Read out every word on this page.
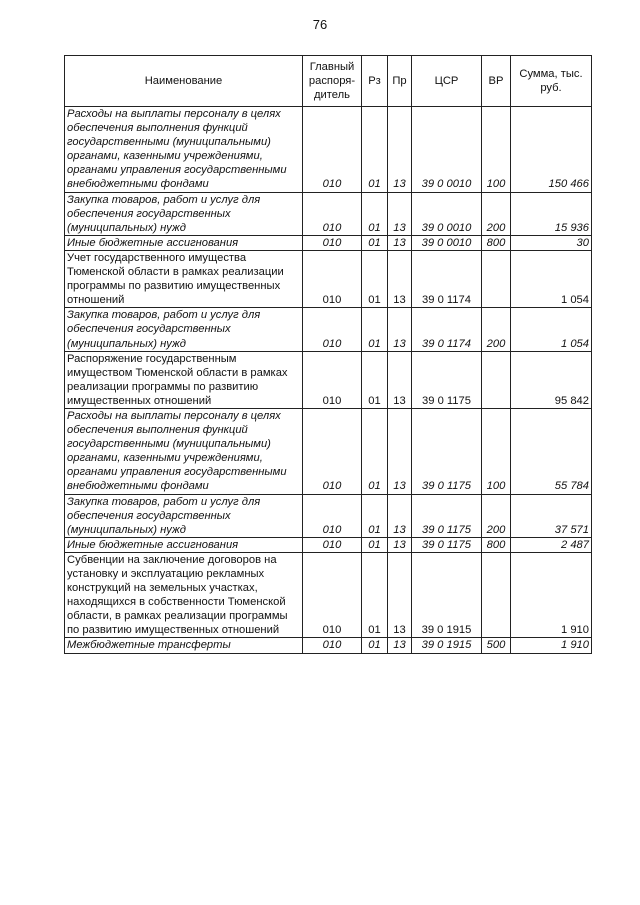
76
Наименование	Главный распоря-дитель	Рз	Пр	ЦСР	ВР	Сумма, тыс. руб.
Расходы на выплаты персоналу в целях обеспечения выполнения функций государственными (муниципальными) органами, казенными учреждениями, органами управления государственными внебюджетными фондами	010	01	13	39 0 0010	100	150 466
Закупка товаров, работ и услуг для обеспечения государственных (муниципальных) нужд	010	01	13	39 0 0010	200	15 936
Иные бюджетные ассигнования	010	01	13	39 0 0010	800	30
Учет государственного имущества Тюменской области в рамках реализации программы по развитию имущественных отношений	010	01	13	39 0 1174		1 054
Закупка товаров, работ и услуг для обеспечения государственных (муниципальных) нужд	010	01	13	39 0 1174	200	1 054
Распоряжение государственным имуществом Тюменской области в рамках реализации программы по развитию имущественных отношений	010	01	13	39 0 1175		95 842
Расходы на выплаты персоналу в целях обеспечения выполнения функций государственными (муниципальными) органами, казенными учреждениями, органами управления государственными внебюджетными фондами	010	01	13	39 0 1175	100	55 784
Закупка товаров, работ и услуг для обеспечения государственных (муниципальных) нужд	010	01	13	39 0 1175	200	37 571
Иные бюджетные ассигнования	010	01	13	39 0 1175	800	2 487
Субвенции на заключение договоров на установку и эксплуатацию рекламных конструкций на земельных участках, находящихся в собственности Тюменской области, в рамках реализации программы по развитию имущественных отношений	010	01	13	39 0 1915		1 910
Межбюджетные трансферты	010	01	13	39 0 1915	500	1 910
